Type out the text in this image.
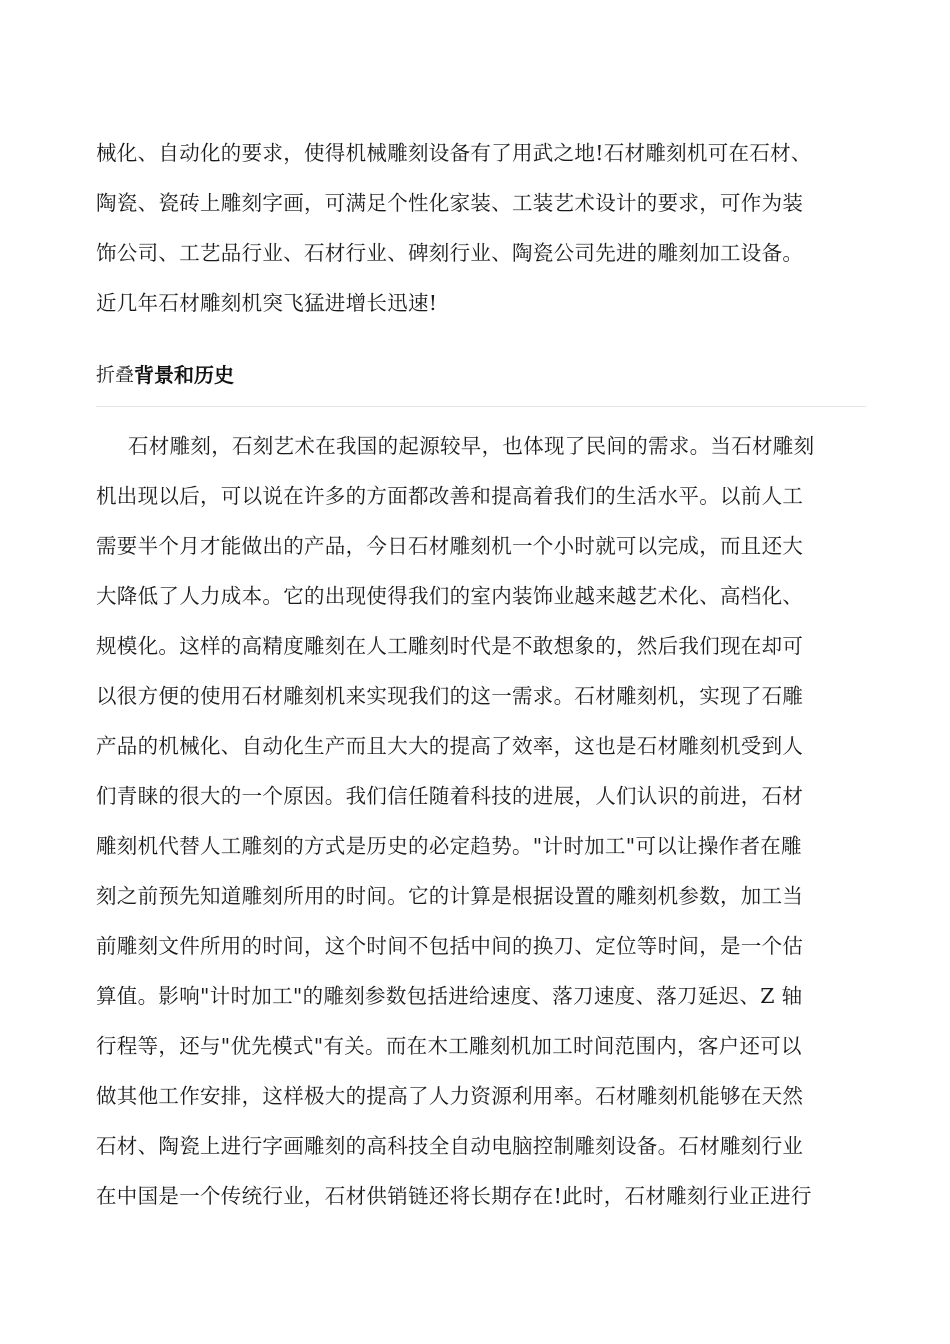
械化、自动化的要求，使得机械雕刻设备有了用武之地!石材雕刻机可在石材、
陶瓷、瓷砖上雕刻字画，可满足个性化家装、工装艺术设计的要求，可作为装
饰公司、工艺品行业、石材行业、碑刻行业、陶瓷公司先进的雕刻加工设备。
近几年石材雕刻机突飞猛进增长迅速!

折叠 背景和历史

石材雕刻，石刻艺术在我国的起源较早，也体现了民间的需求。当石材雕刻
机出现以后，可以说在许多的方面都改善和提高着我们的生活水平。以前人工
需要半个月才能做出的产品，今日石材雕刻机一个小时就可以完成，而且还大
大降低了人力成本。它的出现使得我们的室内装饰业越来越艺术化、高档化、
规模化。这样的高精度雕刻在人工雕刻时代是不敢想象的，然后我们现在却可
以很方便的使用石材雕刻机来实现我们的这一需求。石材雕刻机，实现了石雕
产品的机械化、自动化生产而且大大的提高了效率，这也是石材雕刻机受到人
们青睐的很大的一个原因。我们信任随着科技的进展，人们认识的前进，石材
雕刻机代替人工雕刻的方式是历史的必定趋势。"计时加工"可以让操作者在雕
刻之前预先知道雕刻所用的时间。它的计算是根据设置的雕刻机参数，加工当
前雕刻文件所用的时间，这个时间不包括中间的换刀、定位等时间，是一个估
算值。影响"计时加工"的雕刻参数包括进给速度、落刀速度、落刀延迟、Z 轴
行程等，还与"优先模式"有关。而在木工雕刻机加工时间范围内，客户还可以
做其他工作安排，这样极大的提高了人力资源利用率。石材雕刻机能够在天然
石材、陶瓷上进行字画雕刻的高科技全自动电脑控制雕刻设备。石材雕刻行业
在中国是一个传统行业，石材供销链还将长期存在!此时，石材雕刻行业正进行
